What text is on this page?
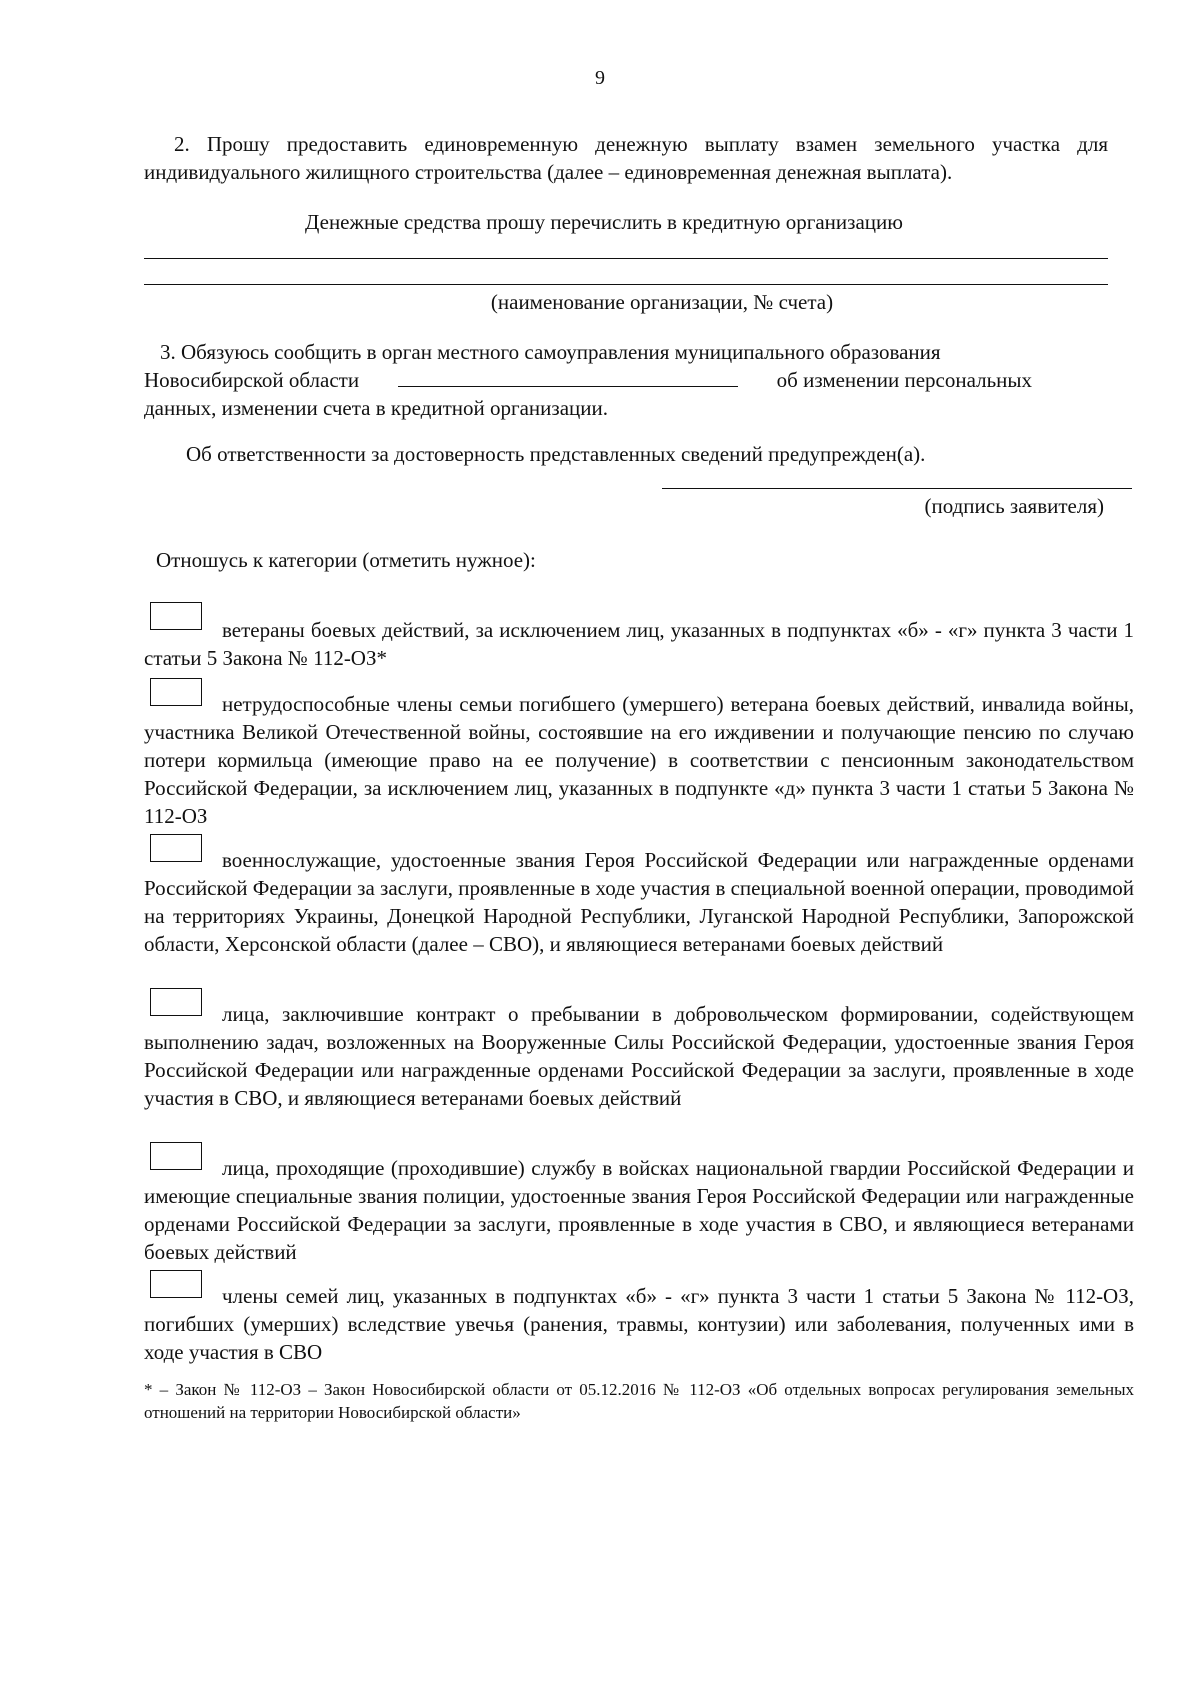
9

2. Прошу предоставить единовременную денежную выплату взамен земельного участка для индивидуального жилищного строительства (далее – единовременная денежная выплата).

Денежные средства прошу перечислить в кредитную организацию

(наименование организации, № счета)

3. Обязуюсь сообщить в орган местного самоуправления муниципального образования

Новосибирской области	об изменении персональных

данных, изменении счета в кредитной организации.

Об ответственности за достоверность представленных сведений предупрежден(а).

(подпись заявителя)

Отношусь к категории (отметить нужное):

ветераны боевых действий, за исключением лиц, указанных в подпунктах «б» - «г» пункта 3 части 1 статьи 5 Закона № 112-ОЗ*

нетрудоспособные члены семьи погибшего (умершего) ветерана боевых действий, инвалида войны, участника Великой Отечественной войны, состоявшие на его иждивении и получающие пенсию по случаю потери кормильца (имеющие право на ее получение) в соответствии с пенсионным законодательством Российской Федерации, за исключением лиц, указанных в подпункте «д» пункта 3 части 1 статьи 5 Закона № 112-ОЗ

военнослужащие, удостоенные звания Героя Российской Федерации или награжденные орденами Российской Федерации за заслуги, проявленные в ходе участия в специальной военной операции, проводимой на территориях Украины, Донецкой Народной Республики, Луганской Народной Республики, Запорожской области, Херсонской области (далее – СВО), и являющиеся ветеранами боевых действий

лица, заключившие контракт о пребывании в добровольческом формировании, содействующем выполнению задач, возложенных на Вооруженные Силы Российской Федерации, удостоенные звания Героя Российской Федерации или награжденные орденами Российской Федерации за заслуги, проявленные в ходе участия в СВО, и являющиеся ветеранами боевых действий

лица, проходящие (проходившие) службу в войсках национальной гвардии Российской Федерации и имеющие специальные звания полиции, удостоенные звания Героя Российской Федерации или награжденные орденами Российской Федерации за заслуги, проявленные в ходе участия в СВО, и являющиеся ветеранами боевых действий

члены семей лиц, указанных в подпунктах «б» - «г» пункта 3 части 1 статьи 5 Закона № 112-ОЗ, погибших (умерших) вследствие увечья (ранения, травмы, контузии) или заболевания, полученных ими в ходе участия в СВО

* – Закон № 112-ОЗ – Закон Новосибирской области от 05.12.2016 № 112-ОЗ «Об отдельных вопросах регулирования земельных отношений на территории Новосибирской области»
